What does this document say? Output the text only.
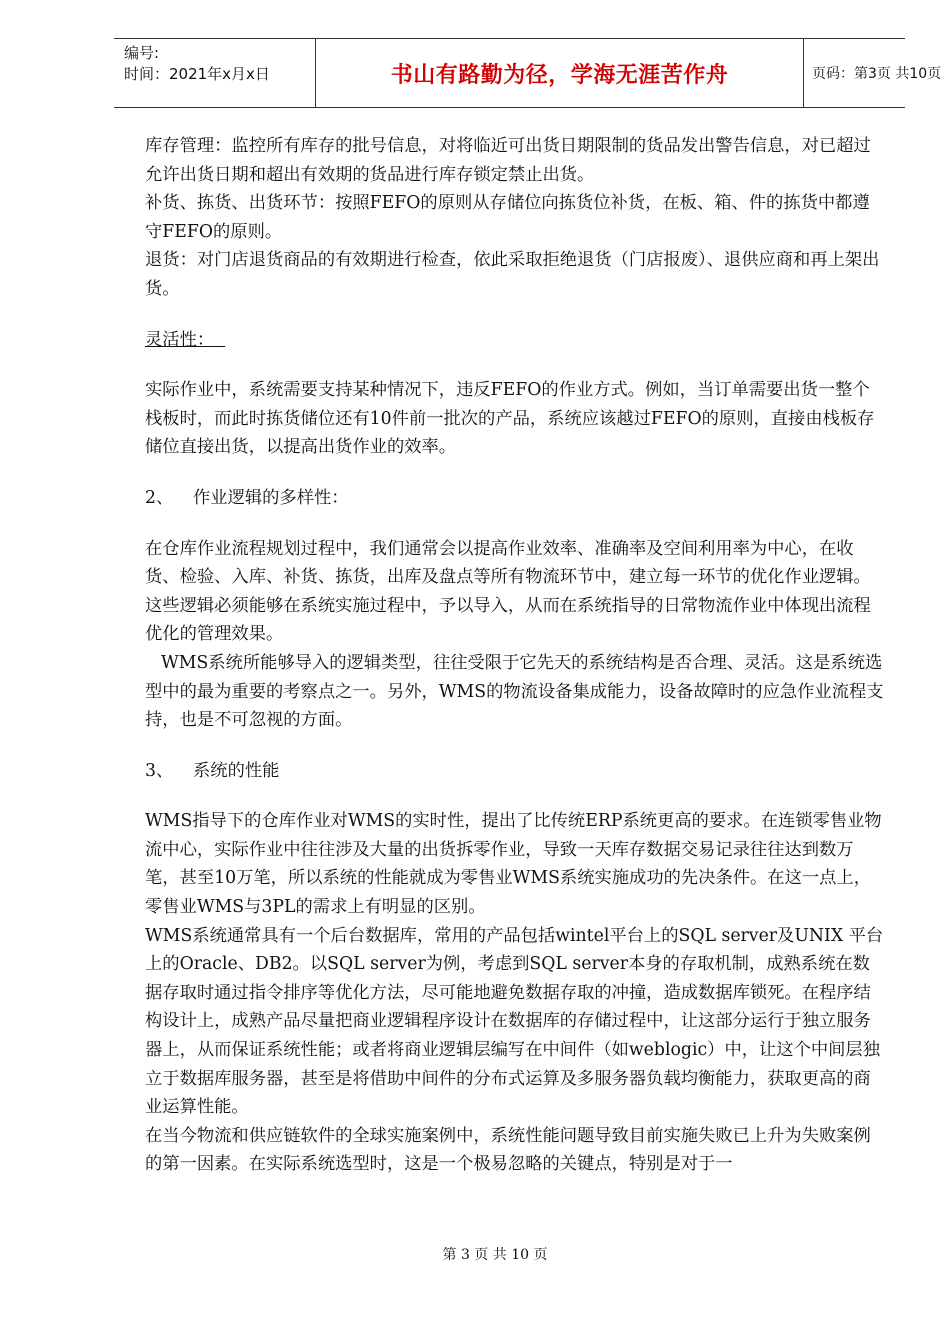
编号:
时间：2021年x月x日	书山有路勤为径，学海无涯苦作舟	页码：第3页 共10页

库存管理：监控所有库存的批号信息，对将临近可出货日期限制的货品发出警告信息，对已超过允许出货日期和超出有效期的货品进行库存锁定禁止出货。

补货、拣货、出货环节：按照FEFO的原则从存储位向拣货位补货，在板、箱、件的拣货中都遵守FEFO的原则。

退货：对门店退货商品的有效期进行检查，依此采取拒绝退货（门店报废）、退供应商和再上架出货。

灵活性：

实际作业中，系统需要支持某种情况下，违反FEFO的作业方式。例如，当订单需要出货一整个栈板时，而此时拣货储位还有10件前一批次的产品，系统应该越过FEFO的原则，直接由栈板存储位直接出货，以提高出货作业的效率。

2、 作业逻辑的多样性：

在仓库作业流程规划过程中，我们通常会以提高作业效率、准确率及空间利用率为中心，在收货、检验、入库、补货、拣货，出库及盘点等所有物流环节中，建立每一环节的优化作业逻辑。这些逻辑必须能够在系统实施过程中，予以导入，从而在系统指导的日常物流作业中体现出流程优化的管理效果。

WMS系统所能够导入的逻辑类型，往往受限于它先天的系统结构是否合理、灵活。这是系统选型中的最为重要的考察点之一。另外，WMS的物流设备集成能力，设备故障时的应急作业流程支持，也是不可忽视的方面。

3、 系统的性能

WMS指导下的仓库作业对WMS的实时性，提出了比传统ERP系统更高的要求。在连锁零售业物流中心，实际作业中往往涉及大量的出货拆零作业，导致一天库存数据交易记录往往达到数万笔，甚至10万笔，所以系统的性能就成为零售业WMS系统实施成功的先决条件。在这一点上，零售业WMS与3PL的需求上有明显的区别。

WMS系统通常具有一个后台数据库，常用的产品包括wintel平台上的SQL server及UNIX 平台上的Oracle、DB2。以SQL server为例，考虑到SQL server本身的存取机制，成熟系统在数据存取时通过指令排序等优化方法，尽可能地避免数据存取的冲撞，造成数据库锁死。在程序结构设计上，成熟产品尽量把商业逻辑程序设计在数据库的存储过程中，让这部分运行于独立服务器上，从而保证系统性能；或者将商业逻辑层编写在中间件（如weblogic）中，让这个中间层独立于数据库服务器，甚至是将借助中间件的分布式运算及多服务器负载均衡能力，获取更高的商业运算性能。

在当今物流和供应链软件的全球实施案例中，系统性能问题导致目前实施失败已上升为失败案例的第一因素。在实际系统选型时，这是一个极易忽略的关键点，特别是对于一

第 3 页 共 10 页
